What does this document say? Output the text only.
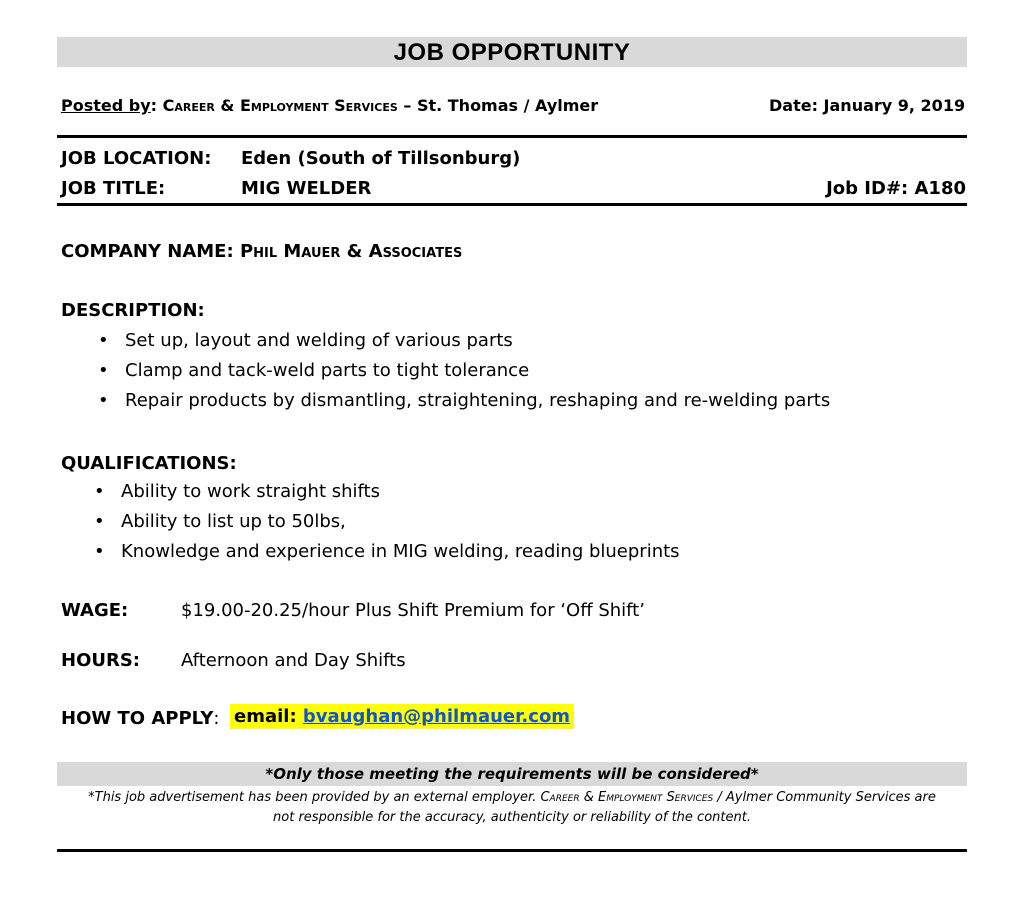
JOB OPPORTUNITY
Posted by: Career & Employment Services – St. Thomas / Aylmer	Date: January 9, 2019
JOB LOCATION: Eden (South of Tillsonburg)
JOB TITLE:	MIG WELDER	Job ID#: A180
COMPANY NAME: Phil Mauer & Associates
DESCRIPTION:
• Set up, layout and welding of various parts
• Clamp and tack-weld parts to tight tolerance
• Repair products by dismantling, straightening, reshaping and re-welding parts
QUALIFICATIONS:
• Ability to work straight shifts
• Ability to list up to 50lbs,
• Knowledge and experience in MIG welding, reading blueprints
WAGE:	$19.00-20.25/hour Plus Shift Premium for ‘Off Shift’
HOURS: Afternoon and Day Shifts
HOW TO APPLY: email: bvaughan@philmauer.com
*Only those meeting the requirements will be considered*
*This job advertisement has been provided by an external employer. Career & Employment Services / Aylmer Community Services are
not responsible for the accuracy, authenticity or reliability of the content.
